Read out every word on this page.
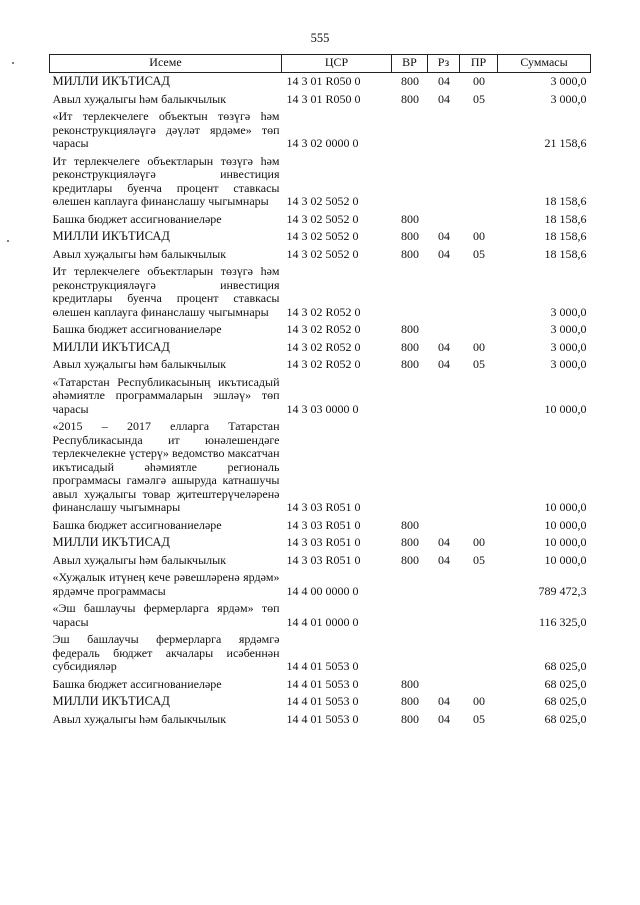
555
Исеме	ЦСР	ВР	Рз	ПР	Суммасы
МИЛЛИ ИКЪТИСАД	14 3 01 R050 0	800	04	00	3 000,0
Авыл хуҗалыгы һәм балыкчылык	14 3 01 R050 0	800	04	05	3 000,0
«Ит терлекчелеге объектын төзүгә һәм реконструкцияләүгә дәүләт ярдәме» төп чарасы	14 3 02 0000 0				21 158,6
Ит терлекчелеге объектларын төзүгә һәм реконструкцияләүгә инвестиция кредитлары буенча процент ставкасы өлешен каплауга финанслашу чыгымнары	14 3 02 5052 0				18 158,6
Башка бюджет ассигнованиеләре	14 3 02 5052 0	800			18 158,6
МИЛЛИ ИКЪТИСАД	14 3 02 5052 0	800	04	00	18 158,6
Авыл хуҗалыгы һәм балыкчылык	14 3 02 5052 0	800	04	05	18 158,6
Ит терлекчелеге объектларын төзүгә һәм реконструкцияләүгә инвестиция кредитлары буенча процент ставкасы өлешен каплауга финанслашу чыгымнары	14 3 02 R052 0				3 000,0
Башка бюджет ассигнованиеләре	14 3 02 R052 0	800			3 000,0
МИЛЛИ ИКЪТИСАД	14 3 02 R052 0	800	04	00	3 000,0
Авыл хуҗалыгы һәм балыкчылык	14 3 02 R052 0	800	04	05	3 000,0
«Татарстан Республикасының икътисадый әһәмиятле программаларын эшләү» төп чарасы	14 3 03 0000 0				10 000,0
«2015 – 2017 елларга Татарстан Республикасында ит юнәлешендәге терлекчелекне үстерү» ведомство максатчан икътисадый әһәмиятле региональ программасы гамәлгә ашыруда катнашучы авыл хуҗалыгы товар җитештерүчеләренә финанслашу чыгымнары	14 3 03 R051 0				10 000,0
Башка бюджет ассигнованиеләре	14 3 03 R051 0	800			10 000,0
МИЛЛИ ИКЪТИСАД	14 3 03 R051 0	800	04	00	10 000,0
Авыл хуҗалыгы һәм балыкчылык	14 3 03 R051 0	800	04	05	10 000,0
«Хуҗалык итүнең кече рәвешләренә ярдәм» ярдәмче программасы	14 4 00 0000 0				789 472,3
«Эш башлаучы фермерларга ярдәм» төп чарасы	14 4 01 0000 0				116 325,0
Эш башлаучы фермерларга ярдәмгә федераль бюджет акчалары исәбеннән субсидияләр	14 4 01 5053 0				68 025,0
Башка бюджет ассигнованиеләре	14 4 01 5053 0	800			68 025,0
МИЛЛИ ИКЪТИСАД	14 4 01 5053 0	800	04	00	68 025,0
Авыл хуҗалыгы һәм балыкчылык	14 4 01 5053 0	800	04	05	68 025,0
